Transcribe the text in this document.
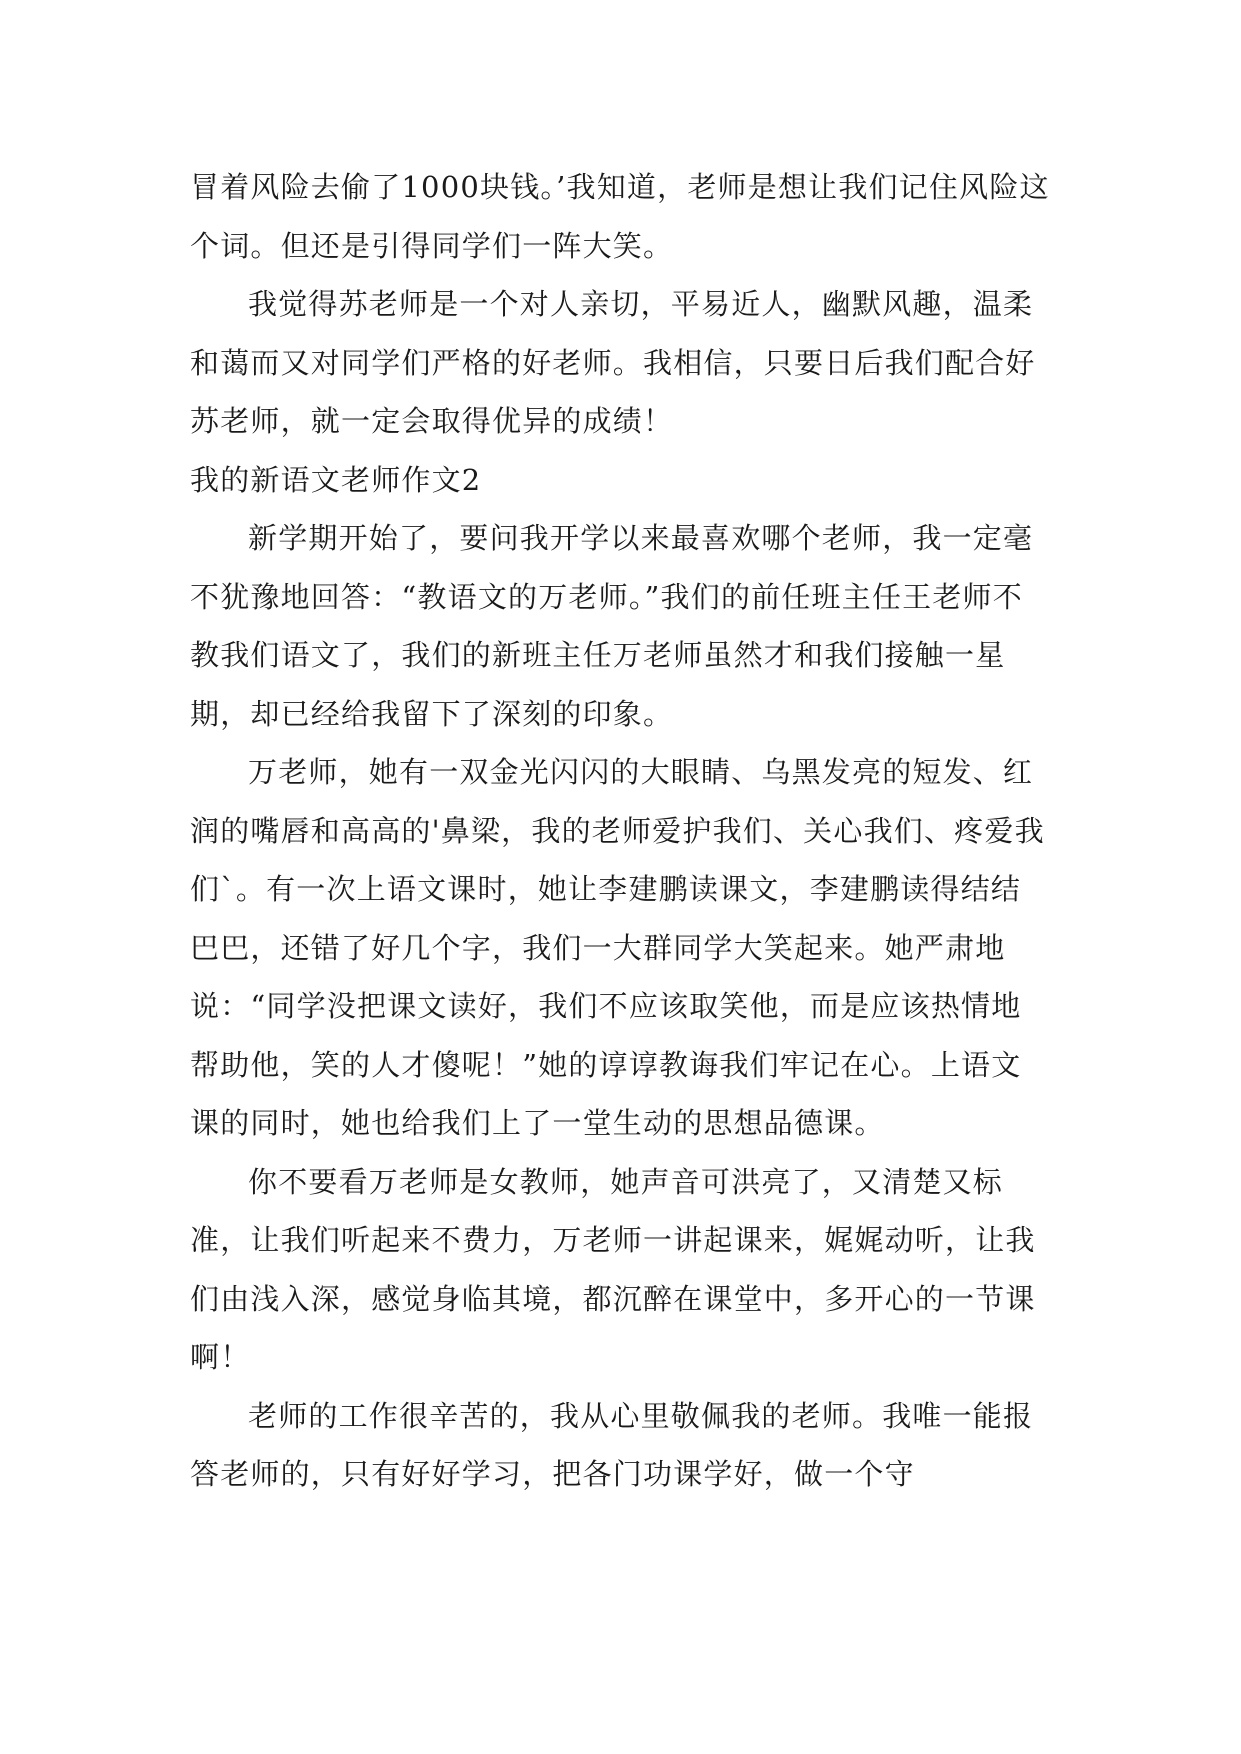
冒着风险去偷了1000块钱。’我知道，老师是想让我们记住风险这个词。但还是引得同学们一阵大笑。

我觉得苏老师是一个对人亲切，平易近人，幽默风趣，温柔和蔼而又对同学们严格的好老师。我相信，只要日后我们配合好苏老师，就一定会取得优异的成绩！

我的新语文老师作文2

新学期开始了，要问我开学以来最喜欢哪个老师，我一定毫不犹豫地回答：“教语文的万老师。”我们的前任班主任王老师不教我们语文了，我们的新班主任万老师虽然才和我们接触一星期，却已经给我留下了深刻的印象。

万老师，她有一双金光闪闪的大眼睛、乌黑发亮的短发、红润的嘴唇和高高的'鼻梁，我的老师爱护我们、关心我们、疼爱我们`。有一次上语文课时，她让李建鹏读课文，李建鹏读得结结巴巴，还错了好几个字，我们一大群同学大笑起来。她严肃地说：“同学没把课文读好，我们不应该取笑他，而是应该热情地帮助他，笑的人才傻呢！”她的谆谆教诲我们牢记在心。上语文课的同时，她也给我们上了一堂生动的思想品德课。

你不要看万老师是女教师，她声音可洪亮了，又清楚又标准，让我们听起来不费力，万老师一讲起课来，娓娓动听，让我们由浅入深，感觉身临其境，都沉醉在课堂中，多开心的一节课啊！

老师的工作很辛苦的，我从心里敬佩我的老师。我唯一能报答老师的，只有好好学习，把各门功课学好，做一个守
